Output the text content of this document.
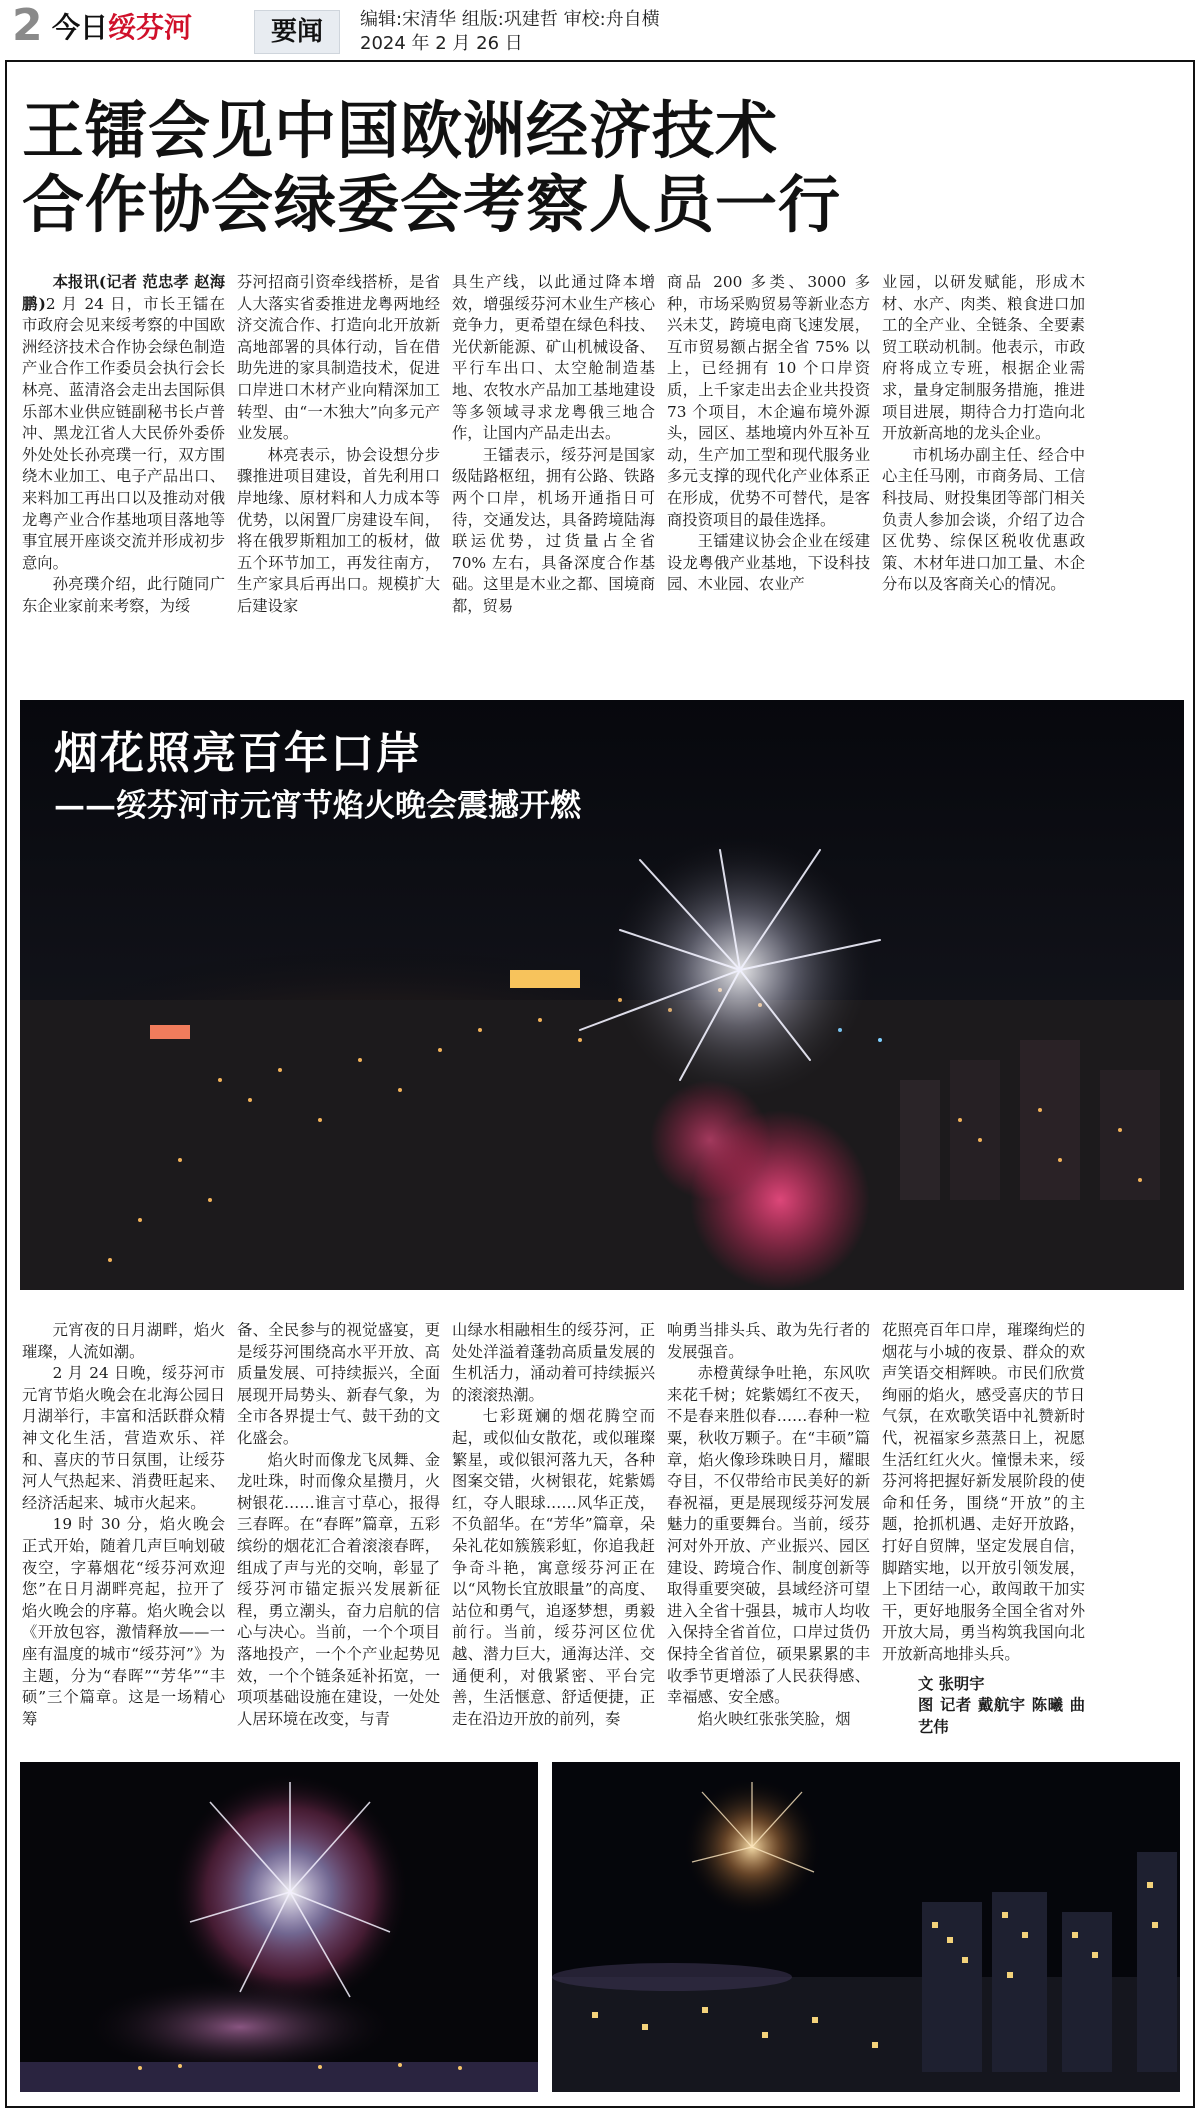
2 今日绥芬河	要闻	编辑:宋清华 组版:巩建哲 审校:舟自横
2024 年 2 月 26 日
王镭会见中国欧洲经济技术
合作协会绿委会考察人员一行

本报讯(记者 范忠孝 赵海鹏)2 月 24 日，市长王镭在市政府会见来绥考察的中国欧洲经济技术合作协会绿色制造产业合作工作委员会执行会长林亮、蓝清洛会走出去国际俱乐部木业供应链副秘书长卢普冲、黑龙江省人大民侨外委侨外处处长孙亮璞一行，双方围绕木业加工、电子产品出口、来料加工再出口以及推动对俄龙粤产业合作基地项目落地等事宜展开座谈交流并形成初步意向。

孙亮璞介绍，此行随同广东企业家前来考察，为绥

芬河招商引资牵线搭桥，是省人大落实省委推进龙粤两地经济交流合作、打造向北开放新高地部署的具体行动，旨在借助先进的家具制造技术，促进口岸进口木材产业向精深加工转型、由“一木独大”向多元产业发展。

林亮表示，协会设想分步骤推进项目建设，首先利用口岸地缘、原材料和人力成本等优势，以闲置厂房建设车间，将在俄罗斯粗加工的板材，做五个环节加工，再发往南方，生产家具后再出口。规模扩大后建设家

具生产线，以此通过降本增效，增强绥芬河木业生产核心竞争力，更希望在绿色科技、光伏新能源、矿山机械设备、平行车出口、太空舱制造基地、农牧水产品加工基地建设等多领域寻求龙粤俄三地合作，让国内产品走出去。

王镭表示，绥芬河是国家级陆路枢纽，拥有公路、铁路两个口岸，机场开通指日可待，交通发达，具备跨境陆海联运优势，过货量占全省 70% 左右，具备深度合作基础。这里是木业之都、国境商都，贸易

商品 200 多类、3000 多种，市场采购贸易等新业态方兴未艾，跨境电商飞速发展，互市贸易额占据全省 75% 以上，已经拥有 10 个口岸资质，上千家走出去企业共投资 73 个项目，木企遍布境外源头，园区、基地境内外互补互动，生产加工型和现代服务业多元支撑的现代化产业体系正在形成，优势不可替代，是客商投资项目的最佳选择。

王镭建议协会企业在绥建设龙粤俄产业基地，下设科技园、木业园、农业产

业园，以研发赋能，形成木材、水产、肉类、粮食进口加工的全产业、全链条、全要素贸工联动机制。他表示，市政府将成立专班，根据企业需求，量身定制服务措施，推进项目进展，期待合力打造向北开放新高地的龙头企业。

市机场办副主任、经合中心主任马刚，市商务局、工信科技局、财投集团等部门相关负责人参加会谈，介绍了边合区优势、综保区税收优惠政策、木材年进口加工量、木企分布以及客商关心的情况。

烟花照亮百年口岸
——绥芬河市元宵节焰火晚会震撼开燃

元宵夜的日月湖畔，焰火璀璨，人流如潮。

2 月 24 日晚，绥芬河市元宵节焰火晚会在北海公园日月湖举行，丰富和活跃群众精神文化生活，营造欢乐、祥和、喜庆的节日氛围，让绥芬河人气热起来、消费旺起来、经济活起来、城市火起来。

19 时 30 分，焰火晚会正式开始，随着几声巨响划破夜空，字幕烟花“绥芬河欢迎您”在日月湖畔亮起，拉开了焰火晚会的序幕。焰火晚会以《开放包容，激情释放——一座有温度的城市“绥芬河”》为主题，分为“春晖”“芳华”“丰硕”三个篇章。这是一场精心筹

备、全民参与的视觉盛宴，更是绥芬河围绕高水平开放、高质量发展、可持续振兴，全面展现开局势头、新春气象，为全市各界提士气、鼓干劲的文化盛会。

焰火时而像龙飞凤舞、金龙吐珠，时而像众星攒月，火树银花……谁言寸草心，报得三春晖。在“春晖”篇章，五彩缤纷的烟花汇合着滚滚春晖，组成了声与光的交响，彰显了绥芬河市锚定振兴发展新征程，勇立潮头，奋力启航的信心与决心。当前，一个个项目落地投产，一个个产业起势见效，一个个链条延补拓宽，一项项基础设施在建设，一处处人居环境在改变，与青

山绿水相融相生的绥芬河，正处处洋溢着蓬勃高质量发展的生机活力，涌动着可持续振兴的滚滚热潮。

七彩斑斓的烟花腾空而起，或似仙女散花，或似璀璨繁星，或似银河落九天，各种图案交错，火树银花，姹紫嫣红，夺人眼球……风华正茂，不负韶华。在“芳华”篇章，朵朵礼花如簇簇彩虹，你追我赶争奇斗艳，寓意绥芬河正在以“风物长宜放眼量”的高度、站位和勇气，追逐梦想，勇毅前行。当前，绥芬河区位优越、潜力巨大，通海达洋、交通便利，对俄紧密、平台完善，生活惬意、舒适便捷，正走在沿边开放的前列，奏

响勇当排头兵、敢为先行者的发展强音。

赤橙黄绿争吐艳，东风吹来花千树；姹紫嫣红不夜天，不是春来胜似春……春种一粒粟，秋收万颗子。在“丰硕”篇章，焰火像珍珠映日月，耀眼夺目，不仅带给市民美好的新春祝福，更是展现绥芬河发展魅力的重要舞台。当前，绥芬河对外开放、产业振兴、园区建设、跨境合作、制度创新等取得重要突破，县域经济可望进入全省十强县，城市人均收入保持全省首位，口岸过货仍保持全省首位，硕果累累的丰收季节更增添了人民获得感、幸福感、安全感。

焰火映红张张笑脸，烟

花照亮百年口岸，璀璨绚烂的烟花与小城的夜景、群众的欢声笑语交相辉映。市民们欣赏绚丽的焰火，感受喜庆的节日气氛，在欢歌笑语中礼赞新时代，祝福家乡蒸蒸日上，祝愿生活红红火火。憧憬未来，绥芬河将把握好新发展阶段的使命和任务，围绕“开放”的主题，抢抓机遇、走好开放路，打好自贸牌，坚定发展自信，脚踏实地，以开放引领发展，上下团结一心，敢闯敢干加实干，更好地服务全国全省对外开放大局，勇当构筑我国向北开放新高地排头兵。

文 张明宇
图 记者 戴航宇 陈曦 曲艺伟
